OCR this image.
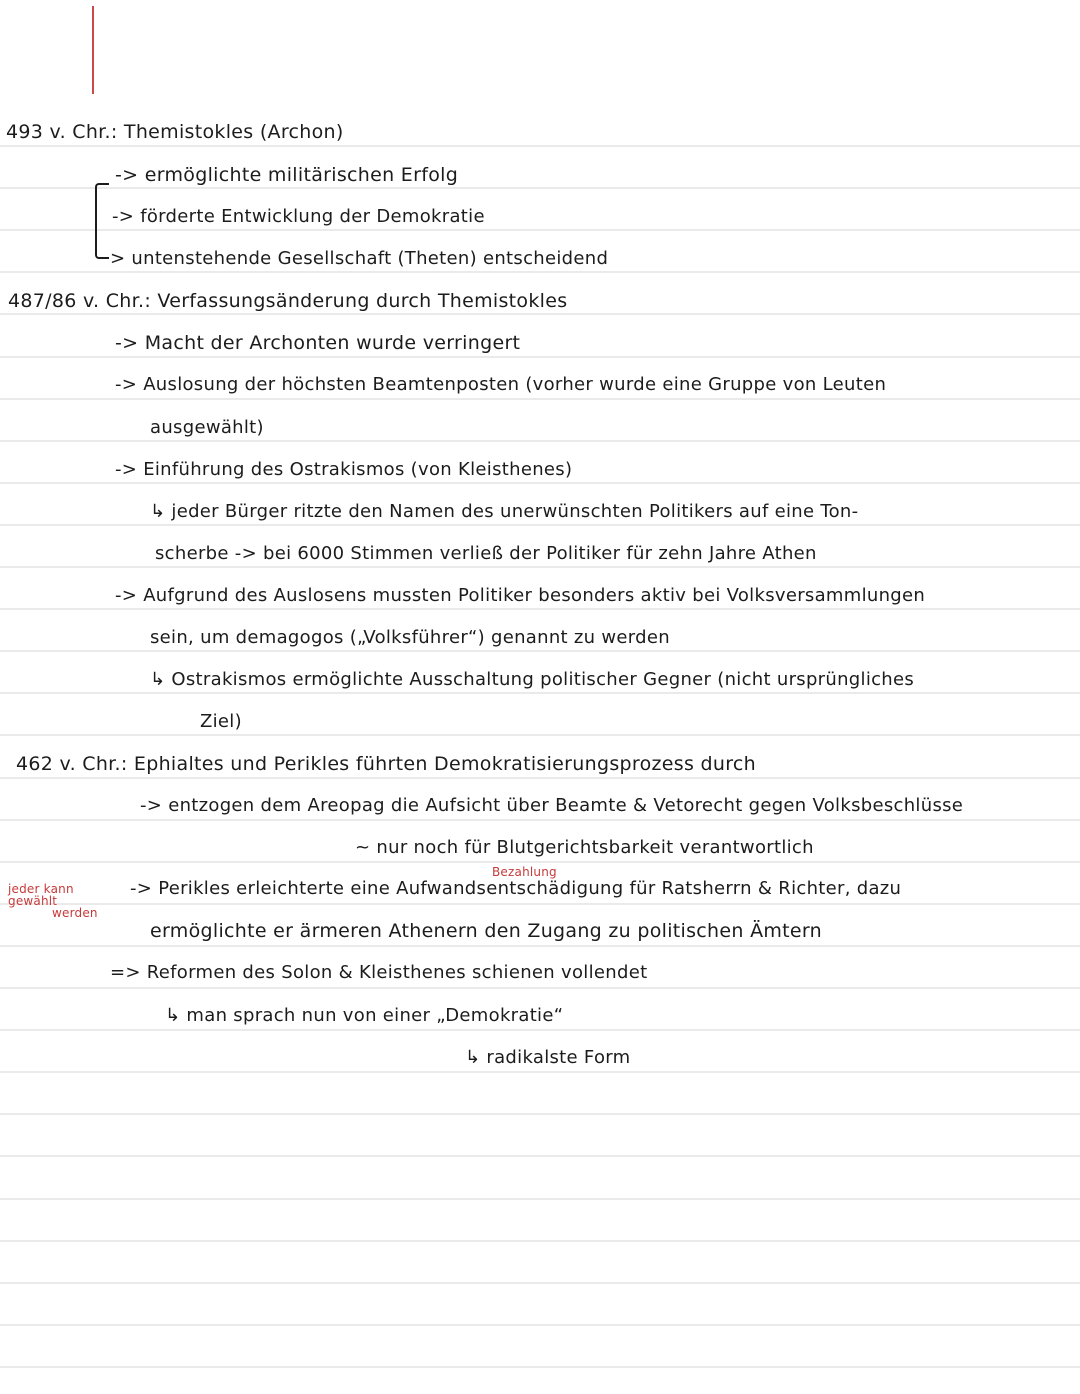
493 v. Chr.: Themistokles (Archon)
-> ermöglichte militärischen Erfolg
-> förderte Entwicklung der Demokratie
> untenstehende Gesellschaft (Theten) entscheidend
487/86 v. Chr.: Verfassungsänderung durch Themistokles
-> Macht der Archonten wurde verringert
-> Auslosung der höchsten Beamtenposten (vorher wurde eine Gruppe von Leuten
ausgewählt)
-> Einführung des Ostrakismos (von Kleisthenes)
↳ jeder Bürger ritzte den Namen des unerwünschten Politikers auf eine Ton-
scherbe -> bei 6000 Stimmen verließ der Politiker für zehn Jahre Athen
-> Aufgrund des Auslosens mussten Politiker besonders aktiv bei Volksversammlungen
sein, um demagogos („Volksführer“) genannt zu werden
↳ Ostrakismos ermöglichte Ausschaltung politischer Gegner (nicht ursprüngliches
Ziel)
462 v. Chr.: Ephialtes und Perikles führten Demokratisierungsprozess durch
-> entzogen dem Areopag die Aufsicht über Beamte & Vetorecht gegen Volksbeschlüsse
~ nur noch für Blutgerichtsbarkeit verantwortlich
Bezahlung
jeder kann
gewählt
werden
-> Perikles erleichterte eine Aufwandsentschädigung für Ratsherrn & Richter, dazu
ermöglichte er ärmeren Athenern den Zugang zu politischen Ämtern
=> Reformen des Solon & Kleisthenes schienen vollendet
↳ man sprach nun von einer „Demokratie“
↳ radikalste Form
